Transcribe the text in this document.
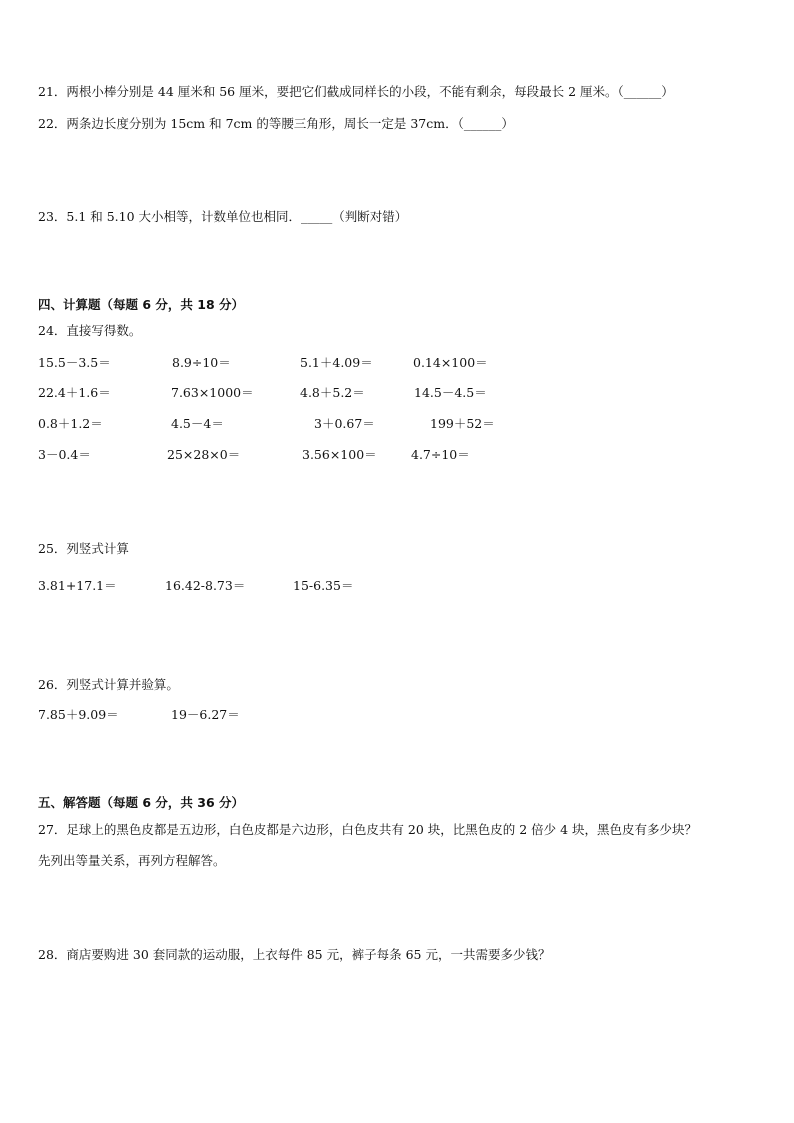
21．两根小棒分别是 44 厘米和 56 厘米，要把它们截成同样长的小段，不能有剩余，每段最长 2 厘米。（______）
22．两条边长度分别为 15cm 和 7cm 的等腰三角形，周长一定是 37cm．（______）
23．5.1 和 5.10 大小相等，计数单位也相同．_____（判断对错）
四、计算题（每题 6 分，共 18 分）
24．直接写得数。
15.5－3.5＝	8.9÷10＝	5.1＋4.09＝	0.14×100＝
22.4＋1.6＝	7.63×1000＝	4.8＋5.2＝	14.5－4.5＝
0.8＋1.2＝	4.5－4＝	3＋0.67＝	199＋52＝
3－0.4＝	25×28×0＝	3.56×100＝	4.7÷10＝
25．列竖式计算
3.81+17.1＝	16.42-8.73＝	15-6.35＝
26．列竖式计算并验算。
7.85＋9.09＝	19－6.27＝
五、解答题（每题 6 分，共 36 分）
27．足球上的黑色皮都是五边形，白色皮都是六边形，白色皮共有 20 块，比黑色皮的 2 倍少 4 块，黑色皮有多少块？
先列出等量关系，再列方程解答。
28．商店要购进 30 套同款的运动服，上衣每件 85 元，裤子每条 65 元，一共需要多少钱？
